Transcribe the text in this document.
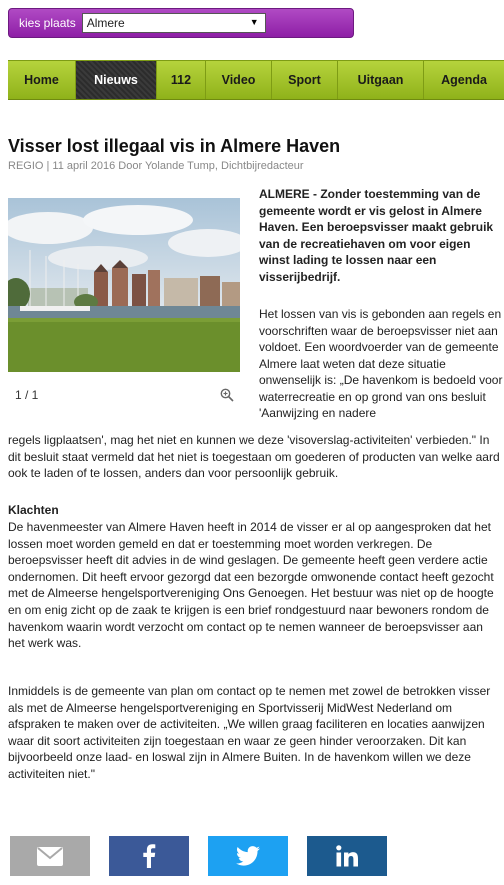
kies plaats Almere	▼
Home	Nieuws	112 Video	Sport	Uitgaan	Agenda
Visser lost illegaal vis in Almere Haven
REGIO | 11 april 2016 Door Yolande Tump, Dichtbijredacteur
1 / 1

ALMERE - Zonder toestemming van de gemeente wordt er vis gelost in Almere Haven. Een beroepsvisser maakt gebruik van de recreatiehaven om voor eigen winst lading te lossen naar een visserijbedrijf.

Het lossen van vis is gebonden aan regels en voorschriften waar de beroepsvisser niet aan voldoet. Een woordvoerder van de gemeente Almere laat weten dat deze situatie onwenselijk is: „De havenkom is bedoeld voor waterrecreatie en op grond van ons besluit 'Aanwijzing en nadere

regels ligplaatsen', mag het niet en kunnen we deze 'visoverslag-activiteiten' verbieden." In dit besluit staat vermeld dat het niet is toegestaan om goederen of producten van welke aard ook te laden of te lossen, anders dan voor persoonlijk gebruik.

Klachten

De havenmeester van Almere Haven heeft in 2014 de visser er al op aangesproken dat het lossen moet worden gemeld en dat er toestemming moet worden verkregen. De beroepsvisser heeft dit advies in de wind geslagen. De gemeente heeft geen verdere actie ondernomen. Dit heeft ervoor gezorgd dat een bezorgde omwonende contact heeft gezocht met de Almeerse hengelsportvereniging Ons Genoegen. Het bestuur was niet op de hoogte en om enig zicht op de zaak te krijgen is een brief rondgestuurd naar bewoners rondom de havenkom waarin wordt verzocht om contact op te nemen wanneer de beroepsvisser aan het werk was.

Inmiddels is de gemeente van plan om contact op te nemen met zowel de betrokken visser als met de Almeerse hengelsportvereniging en Sportvisserij MidWest Nederland om afspraken te maken over de activiteiten. „We willen graag faciliteren en locaties aanwijzen waar dit soort activiteiten zijn toegestaan en waar ze geen hinder veroorzaken. Dit kan bijvoorbeeld onze laad- en loswal zijn in Almere Buiten. In de havenkom willen we deze activiteiten niet."
